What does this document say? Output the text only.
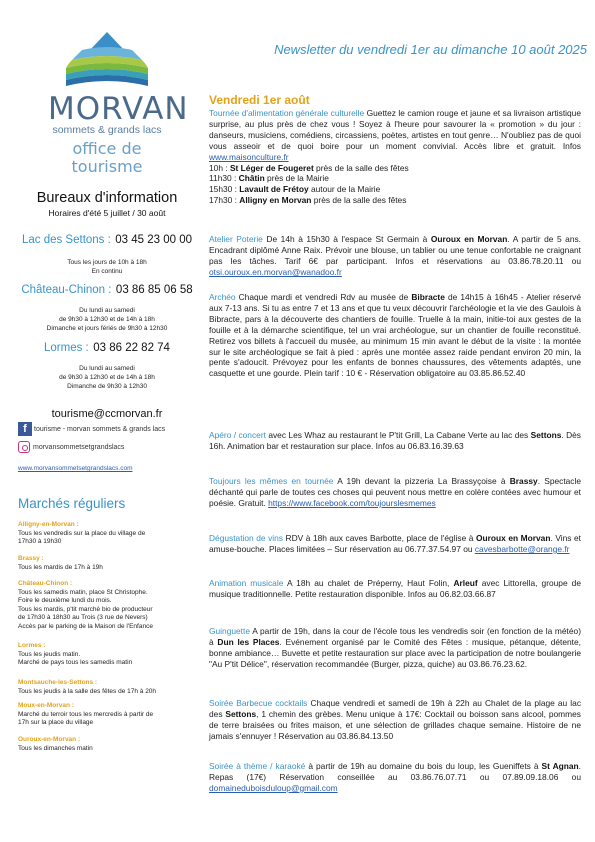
MORVAN
sommets & grands lacs
office de tourisme
Bureaux d'information
Horaires d'été 5 juillet / 30 août
Lac des Settons : 03 45 23 00 00
Tous les jours de 10h à 18h
En continu
Château-Chinon : 03 86 85 06 58
Du lundi au samedi
de 9h30 à 12h30 et de 14h à 18h
Dimanche et jours fériés de 9h30 à 12h30
Lormes : 03 86 22 82 74
Du lundi au samedi
de 9h30 à 12h30 et de 14h à 18h
Dimanche de 9h30 à 12h30
tourisme@ccmorvan.fr
f	tourisme - morvan sommets & grands lacs
morvansommetsetgrandslacs
www.morvansommetsetgrandslacs.com
Marchés réguliers
Alligny-en-Morvan :
Tous les vendredis sur la place du village de
17h30 à 19h30
Brassy :
Tous les mardis de 17h à 19h
Château-Chinon :
Tous les samedis matin, place St Christophe.
Foire le deuxième lundi du mois.
Tous les mardis, p'tit marché bio de producteur
de 17h30 à 18h30 au Trois (3 rue de Nevers)
Accès par le parking de la Maison de l'Enfance
Lormes :
Tous les jeudis matin.
Marché de pays tous les samedis matin
Montsauche-les-Settons :
Tous les jeudis à la salle des fêtes de 17h à 20h
Moux-en-Morvan :
Marché du terroir tous les mercredis à partir de
17h sur la place du village
Ouroux-en-Morvan :
Tous les dimanches matin
Newsletter du vendredi 1er au dimanche 10 août 2025
Vendredi 1er août
Tournée d'alimentation générale culturelle Guettez le camion rouge et jaune et sa livraison artistique surprise, au plus près de chez vous ! Soyez à l'heure pour savourer la « promotion » du jour : danseurs, musiciens, comédiens, circassiens, poètes, artistes en tout genre… N'oubliez pas de quoi vous asseoir et de quoi boire pour un moment convivial. Accès libre et gratuit. Infos www.maisonculture.fr
10h : St Léger de Fougeret près de la salle des fêtes
11h30 : Châtin près de la Mairie
15h30 : Lavault de Frétoy autour de la Mairie
17h30 : Alligny en Morvan près de la salle des fêtes
Atelier Poterie De 14h à 15h30 à l'espace St Germain à Ouroux en Morvan. A partir de 5 ans. Encadrant diplômé Anne Raix. Prévoir une blouse, un tablier ou une tenue confortable ne craignant pas les tâches. Tarif 6€ par participant. Infos et réservations au 03.86.78.20.11 ou otsi.ouroux.en.morvan@wanadoo.fr
Archéo Chaque mardi et vendredi Rdv au musée de Bibracte de 14h15 à 16h45 - Atelier réservé aux 7-13 ans. Si tu as entre 7 et 13 ans et que tu veux découvrir l'archéologie et la vie des Gaulois à Bibracte, pars à la découverte des chantiers de fouille. Truelle à la main, initie-toi aux gestes de la fouille et à la démarche scientifique, tel un vrai archéologue, sur un chantier de fouille reconstitué. Retirez vos billets à l'accueil du musée, au minimum 15 min avant le début de la visite : la montée sur le site archéologique se fait à pied : après une montée assez raide pendant environ 20 min, la pente s'adoucit. Prévoyez pour les enfants de bonnes chaussures, des vêtements adaptés, une casquette et une gourde. Plein tarif : 10 € - Réservation obligatoire au 03.85.86.52.40
Apéro / concert avec Les Whaz au restaurant le P'tit Grill, La Cabane Verte au lac des Settons. Dès 16h. Animation bar et restauration sur place. Infos au 06.83.16.39.63
Toujours les mêmes en tournée A 19h devant la pizzeria La Brassyçoise à Brassy. Spectacle déchanté qui parle de toutes ces choses qui peuvent nous mettre en colère contées avec humour et poésie. Gratuit. https://www.facebook.com/toujourslesmemes
Dégustation de vins RDV à 18h aux caves Barbotte, place de l'église à Ouroux en Morvan. Vins et amuse-bouche. Places limitées – Sur réservation au 06.77.37.54.97 ou cavesbarbotte@orange.fr
Animation musicale A 18h au chalet de Préperny, Haut Folin, Arleuf avec Littorella, groupe de musique traditionnelle. Petite restauration disponible. Infos au 06.82.03.66.87
Guinguette A partir de 19h, dans la cour de l'école tous les vendredis soir (en fonction de la météo) à Dun les Places. Evénement organisé par le Comité des Fêtes : musique, pétanque, détente, bonne ambiance… Buvette et petite restauration sur place avec la participation de notre boulangerie "Au P'tit Délice", réservation recommandée (Burger, pizza, quiche) au 03.86.76.23.62.
Soirée Barbecue cocktails Chaque vendredi et samedi de 19h à 22h au Chalet de la plage au lac des Settons, 1 chemin des grèbes. Menu unique à 17€: Cocktail ou boisson sans alcool, pommes de terre braisées ou frites maison, et une sélection de grillades chaque semaine. Histoire de ne jamais s'ennuyer ! Réservation au 03.86.84.13.50
Soirée à thème / karaoké à partir de 19h au domaine du bois du loup, les Gueniffets à St Agnan. Repas (17€) Réservation conseillée au 03.86.76.07.71 ou 07.89.09.18.06 ou domaineduboisduloup@gmail.com
